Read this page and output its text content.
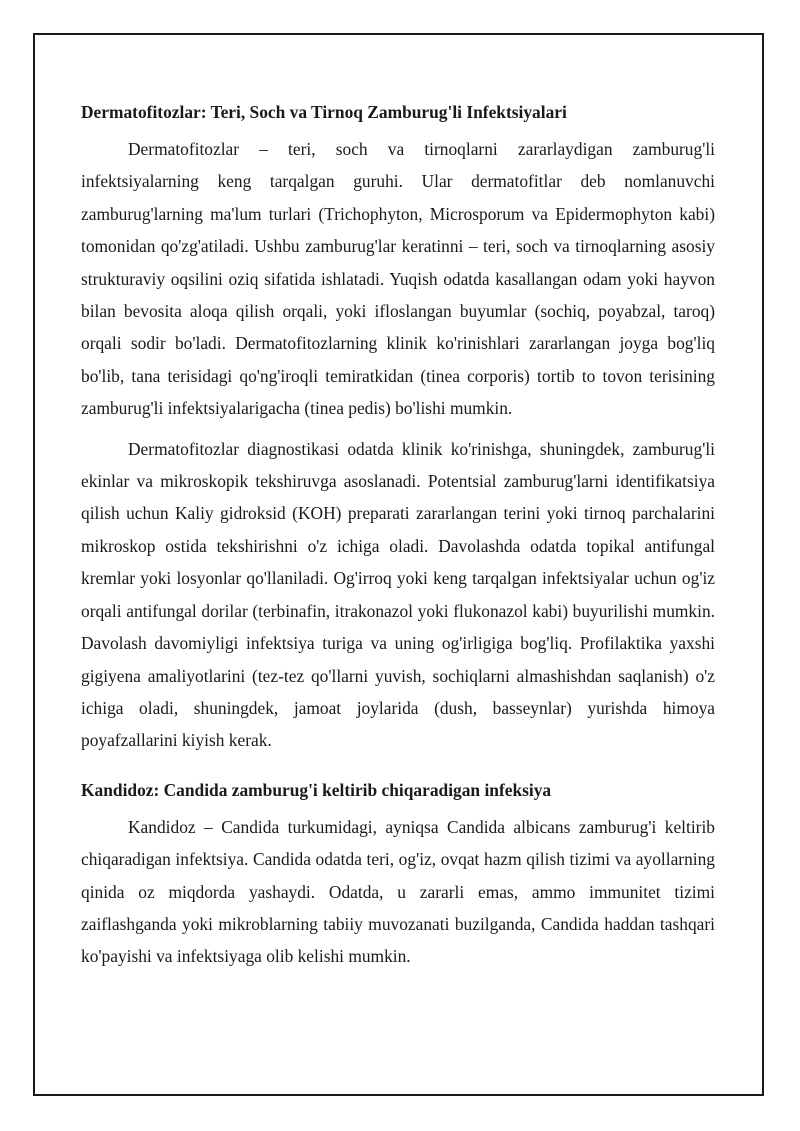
Dermatofitozlar: Teri, Soch va Tirnoq Zamburug'li Infektsiyalari

Dermatofitozlar – teri, soch va tirnoqlarni zararlaydigan zamburug'li infektsiyalarning keng tarqalgan guruhi. Ular dermatofitlar deb nomlanuvchi zamburug'larning ma'lum turlari (Trichophyton, Microsporum va Epidermophyton kabi) tomonidan qo'zg'atiladi. Ushbu zamburug'lar keratinni – teri, soch va tirnoqlarning asosiy strukturaviy oqsilini oziq sifatida ishlatadi. Yuqish odatda kasallangan odam yoki hayvon bilan bevosita aloqa qilish orqali, yoki ifloslangan buyumlar (sochiq, poyabzal, taroq) orqali sodir bo'ladi. Dermatofitozlarning klinik ko'rinishlari zararlangan joyga bog'liq bo'lib, tana terisidagi qo'ng'iroqli temiratkidan (tinea corporis) tortib to tovon terisining zamburug'li infektsiyalarigacha (tinea pedis) bo'lishi mumkin.

Dermatofitozlar diagnostikasi odatda klinik ko'rinishga, shuningdek, zamburug'li ekinlar va mikroskopik tekshiruvga asoslanadi. Potentsial zamburug'larni identifikatsiya qilish uchun Kaliy gidroksid (KOH) preparati zararlangan terini yoki tirnoq parchalarini mikroskop ostida tekshirishni o'z ichiga oladi. Davolashda odatda topikal antifungal kremlar yoki losyonlar qo'llaniladi. Og'irroq yoki keng tarqalgan infektsiyalar uchun og'iz orqali antifungal dorilar (terbinafin, itrakonazol yoki flukonazol kabi) buyurilishi mumkin. Davolash davomiyligi infektsiya turiga va uning og'irligiga bog'liq. Profilaktika yaxshi gigiyena amaliyotlarini (tez-tez qo'llarni yuvish, sochiqlarni almashishdan saqlanish) o'z ichiga oladi, shuningdek, jamoat joylarida (dush, basseynlar) yurishda himoya poyafzallarini kiyish kerak.

Kandidoz: Candida zamburug'i keltirib chiqaradigan infeksiya

Kandidoz – Candida turkumidagi, ayniqsa Candida albicans zamburug'i keltirib chiqaradigan infektsiya. Candida odatda teri, og'iz, ovqat hazm qilish tizimi va ayollarning qinida oz miqdorda yashaydi. Odatda, u zararli emas, ammo immunitet tizimi zaiflashganda yoki mikroblarning tabiiy muvozanati buzilganda, Candida haddan tashqari ko'payishi va infektsiyaga olib kelishi mumkin.
